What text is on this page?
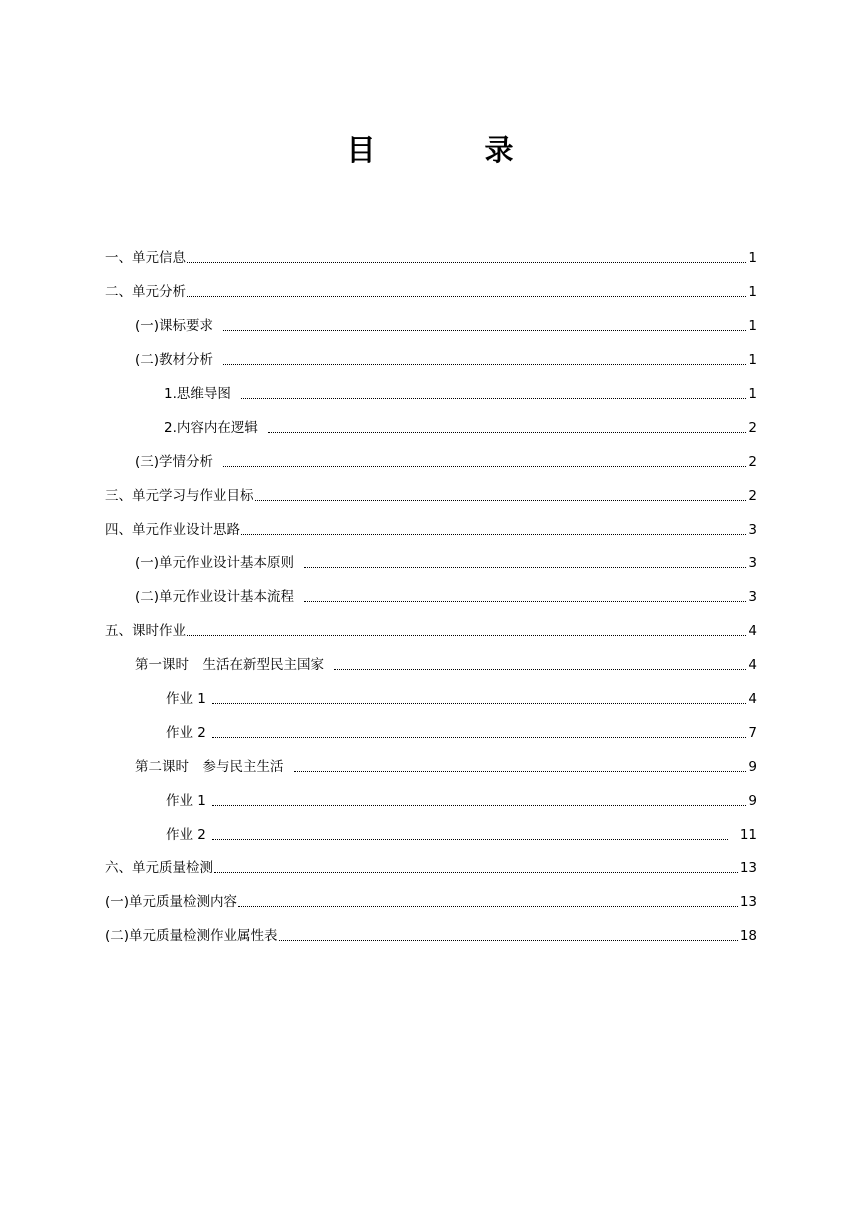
目　录
一、单元信息	1
二、单元分析	1
(一)课标要求	1
(二)教材分析	1
1.思维导图	1
2.内容内在逻辑	2
(三)学情分析	2
三、单元学习与作业目标	2
四、单元作业设计思路	3
(一)单元作业设计基本原则	3
(二)单元作业设计基本流程	3
五、课时作业	4
第一课时　生活在新型民主国家	4
作业 1	4
作业 2	7
第二课时　参与民主生活	9
作业 1	9
作业 2	11
六、单元质量检测	13
(一)单元质量检测内容	13
(二)单元质量检测作业属性表	18
